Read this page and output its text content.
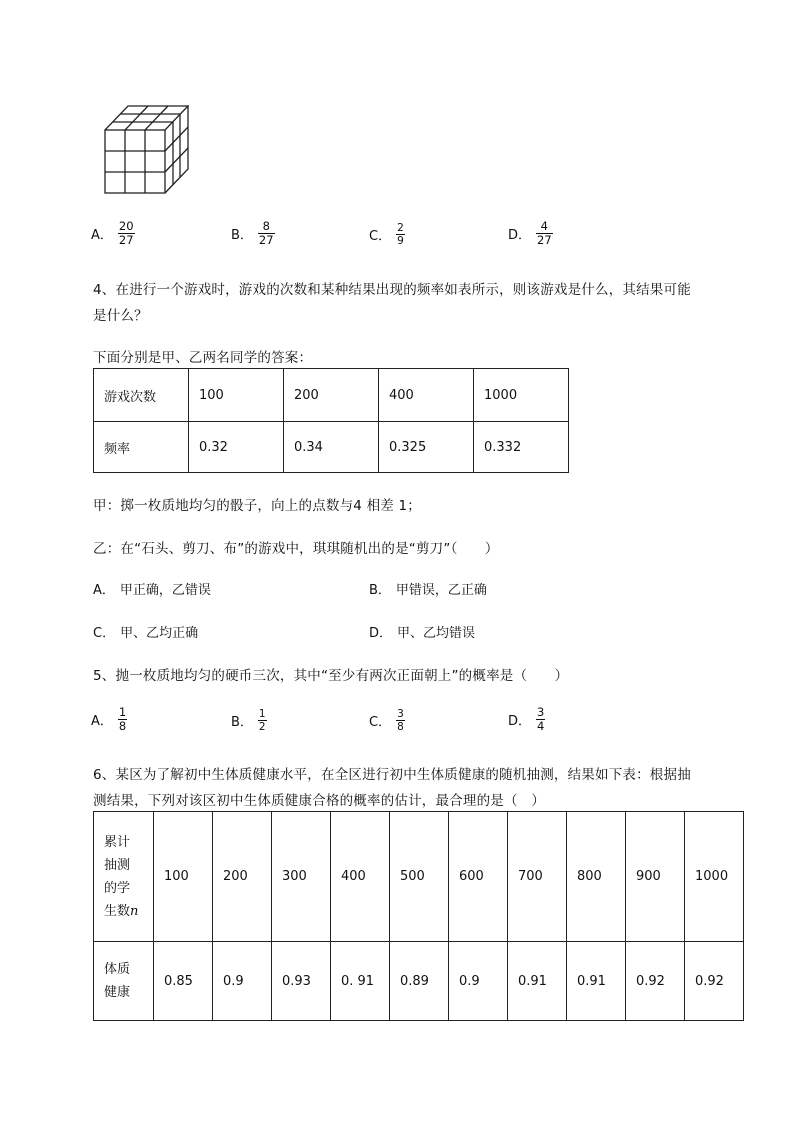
A． $\frac{20}{27}$	B． $\frac{8}{27}$	C． $\frac{2}{9}$	D． $\frac{4}{27}$
4、在进行一个游戏时，游戏的次数和某种结果出现的频率如表所示，则该游戏是什么，其结果可能
是什么？
下面分别是甲、乙两名同学的答案：
游戏次数	100	200	400	1000
频率	0.32	0.34	0.325	0.332
甲：掷一枚质地均匀的骰子，向上的点数与4 相差 1；
乙：在“石头、剪刀、布”的游戏中，琪琪随机出的是“剪刀”（　　）
A． 甲正确，乙错误	B． 甲错误，乙正确
C． 甲、乙均正确	D． 甲、乙均错误
5、抛一枚质地均匀的硬币三次，其中“至少有两次正面朝上”的概率是（　　）
A． $\frac{1}{8}$	B． $\frac{1}{2}$	C． $\frac{3}{8}$	D． $\frac{3}{4}$
6、某区为了解初中生体质健康水平，在全区进行初中生体质健康的随机抽测，结果如下表：根据抽
测结果，下列对该区初中生体质健康合格的概率的估计，最合理的是（　）
累计
抽测
的学
生数n	100	200	300	400	500	600	700	800	900	1000

体质
健康	0.85	0.9	0.93	0. 91	0.89	0.9	0.91	0.91	0.92	0.92
